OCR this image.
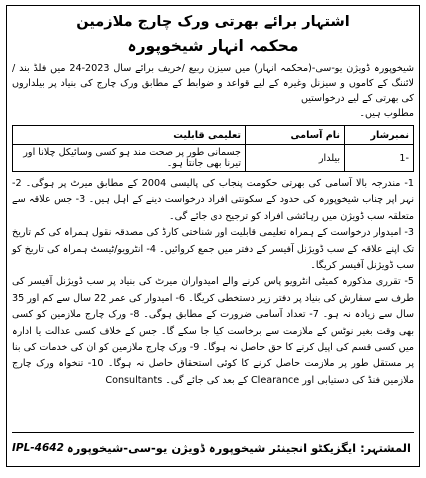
اشتہار برائے بھرتی ورک چارج ملازمین
محکمہ انہار شیخوپورہ
شیخوپورہ ڈویژن یو-سی-(محکمہ انہار) میں سیزن ربیع /خریف برائے سال 2023-24 میں فلڈ بند /لائننگ کے کاموں و سیزنل وغیرہ کے لیے قواعد و ضوابط کے مطابق ورک چارج کی بنیاد پر بیلداروں کی بھرتی کے لیے درخواستیں
مطلوب ہیں۔
نمبرشار	نام آسامی	تعلیمی قابلیت
-1	بیلدار	جسمانی طور پر صحت مند ہو کسی وسائیکل چلانا اور تیرنا بھی جانتا ہو۔

1- مندرجہ بالا آسامی کی بھرتی حکومت پنجاب کی پالیسی 2004 کے مطابق میرٹ پر ہوگی۔ 2- نہر اپر چناب شیخوپورہ کی حدود کے سکونتی افراد درخواست دینے کے اہل ہیں۔ 3- جس علاقہ سے متعلقہ سب ڈویژن میں رہائشی افراد کو ترجیح دی جائے گی۔

3- امیدوار درخواست کے ہمراہ تعلیمی قابلیت اور شناختی کارڈ کی مصدقہ نقول ہمراہ کی کم تاریخ تک اپنے علاقہ کے سب ڈویژنل آفیسر کے دفتر میں جمع کروائیں۔ 4- انٹرویو/ٹیسٹ ہمراہ کی تاریخ کو سب ڈویژنل آفیسر کریگا۔

5- تقرری مذکورہ کمیٹی انٹرویو پاس کرنے والے امیدواران میرٹ کی بنیاد پر سب ڈویژنل آفیسر کی طرف سے سفارش کی بنیاد پر دفتر زیر دستخطی کریگا۔ 6- امیدوار کی عمر 22 سال سے کم اور 35 سال سے زیادہ نہ ہو۔ 7- تعداد آسامی ضرورت کے مطابق ہوگی۔ 8- ورک چارج ملازمین کو کسی بھی وقت بغیر نوٹس کے ملازمت سے برخاست کیا جا سکے گا۔ جس کے خلاف کسی عدالت یا ادارہ میں کسی قسم کی اپیل کرنے کا حق حاصل نہ ہوگا۔ 9- ورک چارج ملازمین کو ان کی خدمات کی بنا پر مستقل طور پر ملازمت حاصل کرنے کا کوئی استحقاق حاصل نہ ہوگا۔ 10- تنخواہ ورک چارج ملازمین فنڈ کی دستیابی اور Clearance کے بعد کی جائے گی۔ Consultants

IPL-4642 المشتہر: ایگزیکٹو انجینئر شیخوپورہ ڈویژن یو-سی-شیخوپورہ
